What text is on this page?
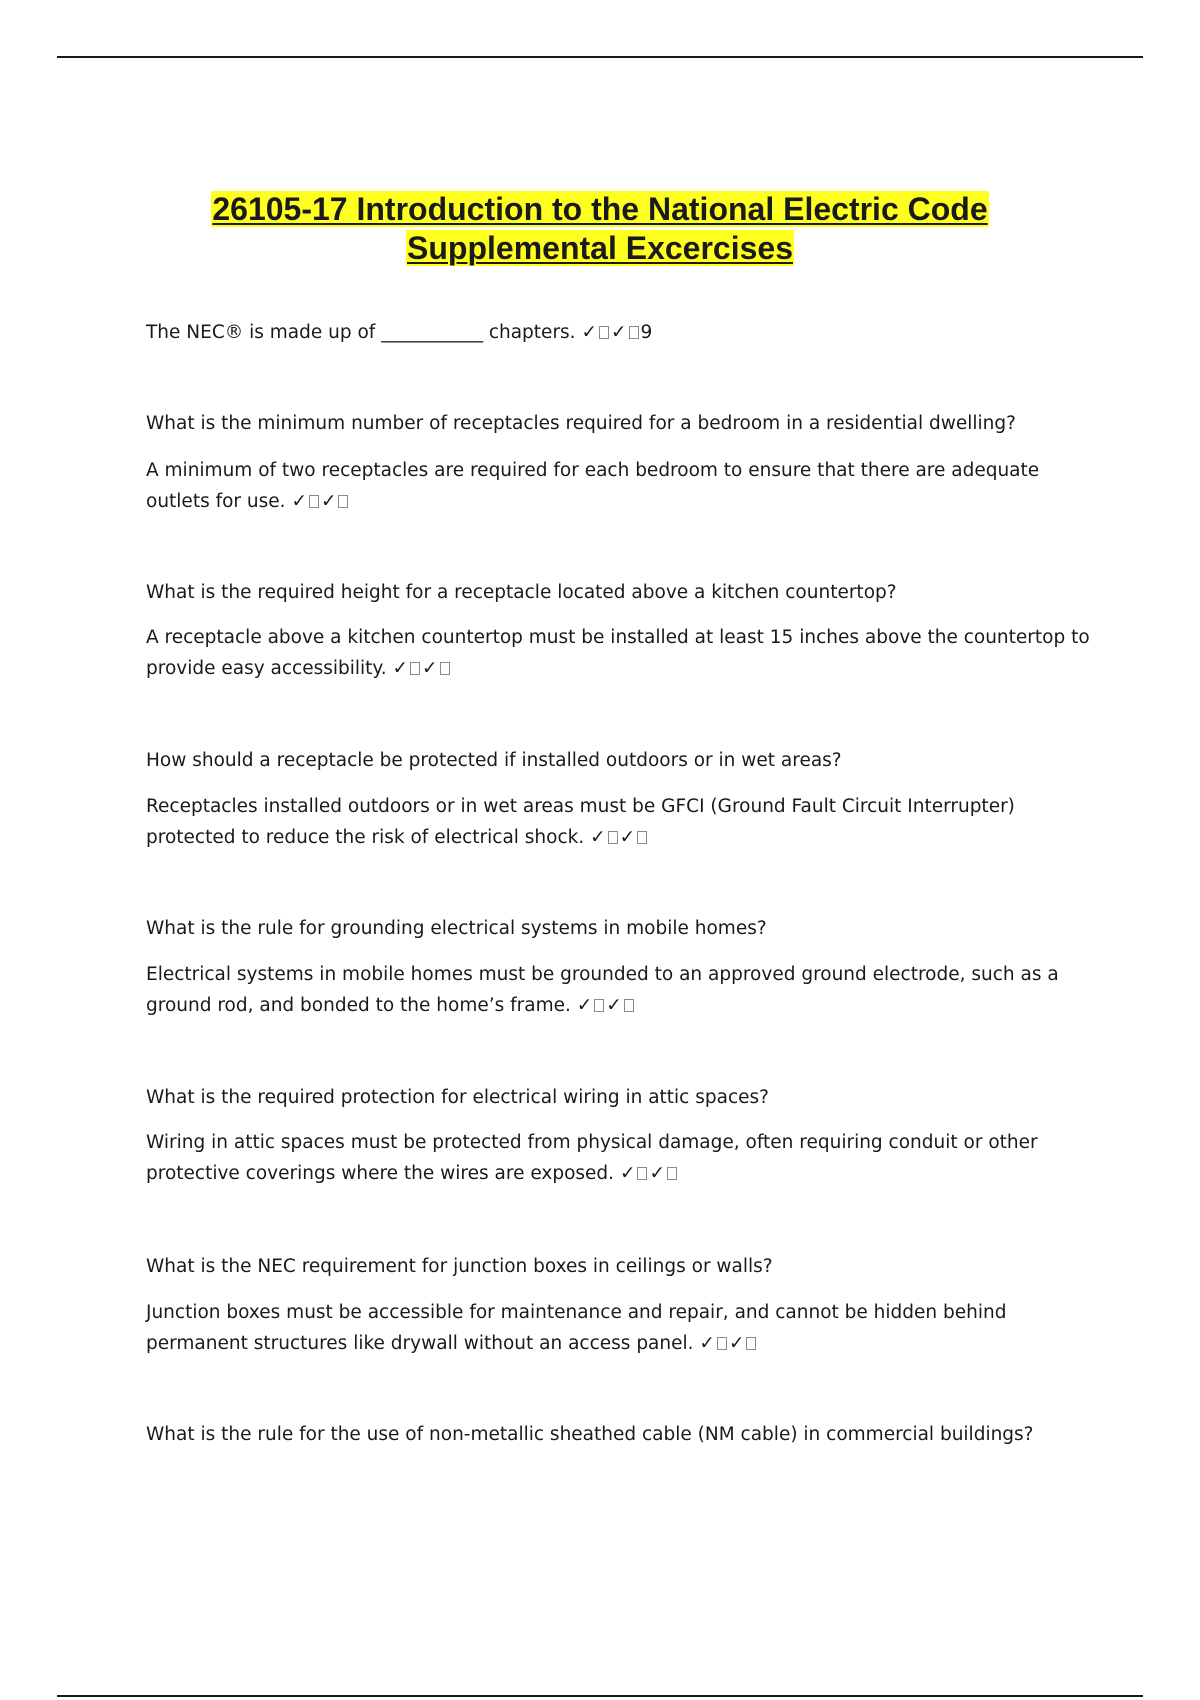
26105-17 Introduction to the National Electric Code
Supplemental Excercises

The NEC® is made up of ___________ chapters. ✓ ✓ 9

What is the minimum number of receptacles required for a bedroom in a residential dwelling?

A minimum of two receptacles are required for each bedroom to ensure that there are adequate outlets for use. ✓ ✓

What is the required height for a receptacle located above a kitchen countertop?

A receptacle above a kitchen countertop must be installed at least 15 inches above the countertop to provide easy accessibility. ✓ ✓

How should a receptacle be protected if installed outdoors or in wet areas?

Receptacles installed outdoors or in wet areas must be GFCI (Ground Fault Circuit Interrupter) protected to reduce the risk of electrical shock. ✓ ✓

What is the rule for grounding electrical systems in mobile homes?

Electrical systems in mobile homes must be grounded to an approved ground electrode, such as a ground rod, and bonded to the home’s frame. ✓ ✓

What is the required protection for electrical wiring in attic spaces?

Wiring in attic spaces must be protected from physical damage, often requiring conduit or other protective coverings where the wires are exposed. ✓ ✓

What is the NEC requirement for junction boxes in ceilings or walls?

Junction boxes must be accessible for maintenance and repair, and cannot be hidden behind permanent structures like drywall without an access panel. ✓ ✓

What is the rule for the use of non-metallic sheathed cable (NM cable) in commercial buildings?
